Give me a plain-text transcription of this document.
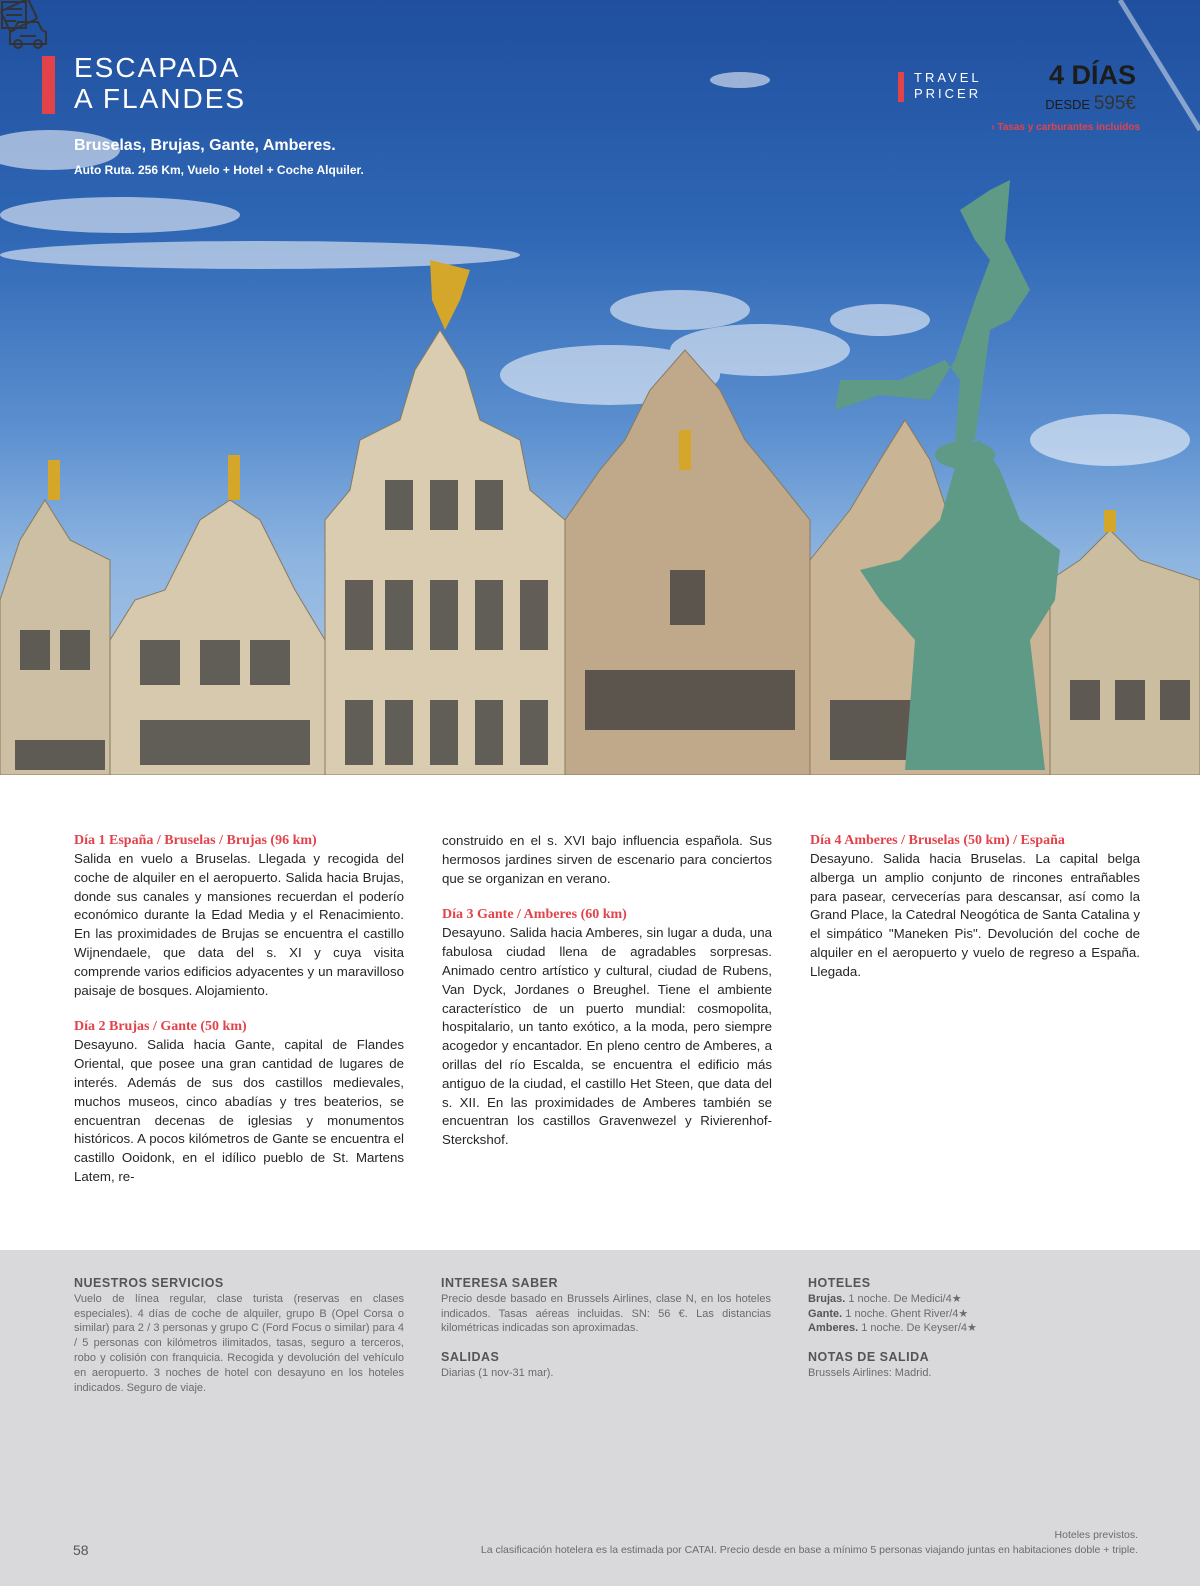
ESCAPADA
A FLANDES
Bruselas, Brujas, Gante, Amberes.
Auto Ruta. 256 Km, Vuelo + Hotel + Coche Alquiler.
TRAVEL
PRICER
4 DÍAS
DESDE 595€
› Tasas y carburantes incluidos
Día 1 España / Bruselas / Brujas (96 km)
Salida en vuelo a Bruselas. Llegada y recogida del coche de alquiler en el aeropuerto. Salida hacia Brujas, donde sus canales y mansiones recuerdan el poderío económico durante la Edad Media y el Renacimiento. En las proximidades de Brujas se encuentra el castillo Wijnendaele, que data del s. XI y cuya visita comprende varios edificios adyacentes y un maravilloso paisaje de bosques. Alojamiento.
Día 2 Brujas / Gante (50 km)
Desayuno. Salida hacia Gante, capital de Flandes Oriental, que posee una gran cantidad de lugares de interés. Además de sus dos castillos medievales, muchos museos, cinco abadías y tres beaterios, se encuentran decenas de iglesias y monumentos históricos. A pocos kilómetros de Gante se encuentra el castillo Ooidonk, en el idílico pueblo de St. Martens Latem, re-
construido en el s. XVI bajo influencia española. Sus hermosos jardines sirven de escenario para conciertos que se organizan en verano.
Día 3 Gante / Amberes (60 km)
Desayuno. Salida hacia Amberes, sin lugar a duda, una fabulosa ciudad llena de agradables sorpresas. Animado centro artístico y cultural, ciudad de Rubens, Van Dyck, Jordanes o Breughel. Tiene el ambiente característico de un puerto mundial: cosmopolita, hospitalario, un tanto exótico, a la moda, pero siempre acogedor y encantador. En pleno centro de Amberes, a orillas del río Escalda, se encuentra el edificio más antiguo de la ciudad, el castillo Het Steen, que data del s. XII. En las proximidades de Amberes también se encuentran los castillos Gravenwezel y Rivierenhof-Sterckshof.
Día 4 Amberes / Bruselas (50 km) / España
Desayuno. Salida hacia Bruselas. La capital belga alberga un amplio conjunto de rincones entrañables para pasear, cervecerías para descansar, así como la Grand Place, la Catedral Neogótica de Santa Catalina y el simpático "Maneken Pis". Devolución del coche de alquiler en el aeropuerto y vuelo de regreso a España. Llegada.
NUESTROS SERVICIOS
Vuelo de línea regular, clase turista (reservas en clases especiales). 4 días de coche de alquiler, grupo B (Opel Corsa o similar) para 2 / 3 personas y grupo C (Ford Focus o similar) para 4 / 5 personas con kilómetros ilimitados, tasas, seguro a terceros, robo y colisión con franquicia. Recogida y devolución del vehículo en aeropuerto. 3 noches de hotel con desayuno en los hoteles indicados. Seguro de viaje.
INTERESA SABER
Precio desde basado en Brussels Airlines, clase N, en los hoteles indicados. Tasas aéreas incluidas. SN: 56 €. Las distancias kilométricas indicadas son aproximadas.
SALIDAS
Diarias (1 nov-31 mar).
HOTELES
Brujas. 1 noche. De Medici/4★
Gante. 1 noche. Ghent River/4★
Amberes. 1 noche. De Keyser/4★
NOTAS DE SALIDA
Brussels Airlines: Madrid.
58
Hoteles previstos.
La clasificación hotelera es la estimada por CATAI. Precio desde en base a mínimo 5 personas viajando juntas en habitaciones doble + triple.
